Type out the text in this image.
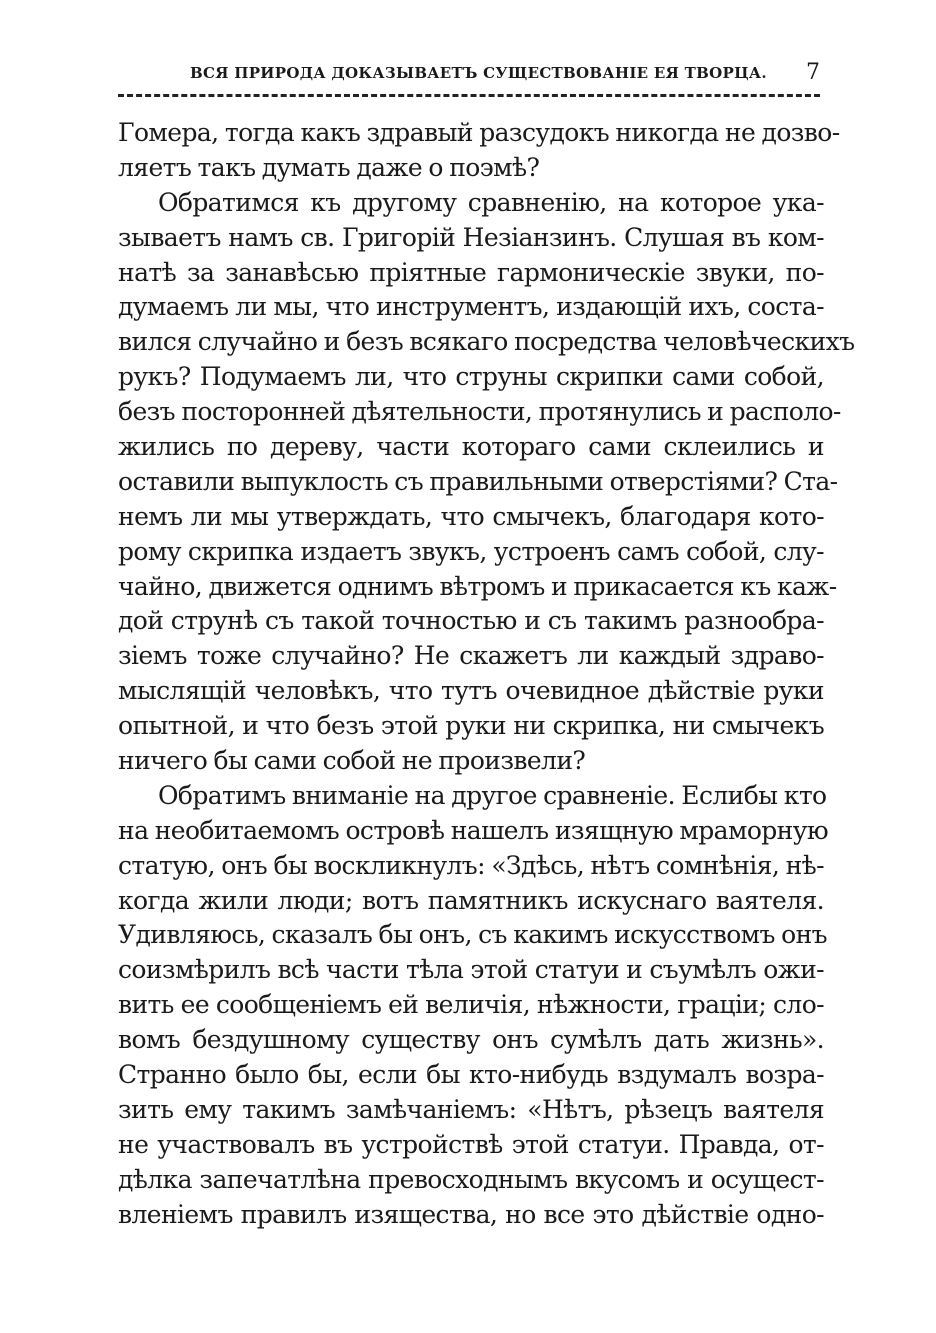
ВСЯ ПРИРОДА ДОКАЗЫВАЕТЪ СУЩЕСТВОВАНІЕ ЕЯ ТВОРЦА. 7
Гомера, тогда какъ здравый разсудокъ никогда не дозво-
ляетъ такъ думать даже о поэмѣ?
Обратимся къ другому сравненію, на которое ука-
зываетъ намъ св. Григорій Незіанзинъ. Слушая въ ком-
натѣ за занавѣсью пріятные гармоническіе звуки, по-
думаемъ ли мы, что инструментъ, издающій ихъ, соста-
вился случайно и безъ всякаго посредства человѣческихъ
рукъ? Подумаемъ ли, что струны скрипки сами собой,
безъ посторонней дѣятельности, протянулись и располо-
жились по дереву, части котораго сами склеились и
оставили выпуклость съ правильными отверстіями? Ста-
немъ ли мы утверждать, что смычекъ, благодаря кото-
рому скрипка издаетъ звукъ, устроенъ самъ собой, слу-
чайно, движется однимъ вѣтромъ и прикасается къ каж-
дой струнѣ съ такой точностью и съ такимъ разнообра-
зіемъ тоже случайно? Не скажетъ ли каждый здраво-
мыслящій человѣкъ, что тутъ очевидное дѣйствіе руки
опытной, и что безъ этой руки ни скрипка, ни смычекъ
ничего бы сами собой не произвели?
Обратимъ вниманіе на другое сравненіе. Еслибы кто
на необитаемомъ островѣ нашелъ изящную мраморную
статую, онъ бы воскликнулъ: «Здѣсь, нѣтъ сомнѣнія, нѣ-
когда жили люди; вотъ памятникъ искуснаго ваятеля.
Удивляюсь, сказалъ бы онъ, съ какимъ искусствомъ онъ
соизмѣрилъ всѣ части тѣла этой статуи и съумѣлъ ожи-
вить ее сообщеніемъ ей величія, нѣжности, граціи; сло-
вомъ бездушному существу онъ сумѣлъ дать жизнь».
Странно было бы, если бы кто-нибудь вздумалъ возра-
зить ему такимъ замѣчаніемъ: «Нѣтъ, рѣзецъ ваятеля
не участвовалъ въ устройствѣ этой статуи. Правда, от-
дѣлка запечатлѣна превосходнымъ вкусомъ и осущест-
вленіемъ правилъ изящества, но все это дѣйствіе одно-
